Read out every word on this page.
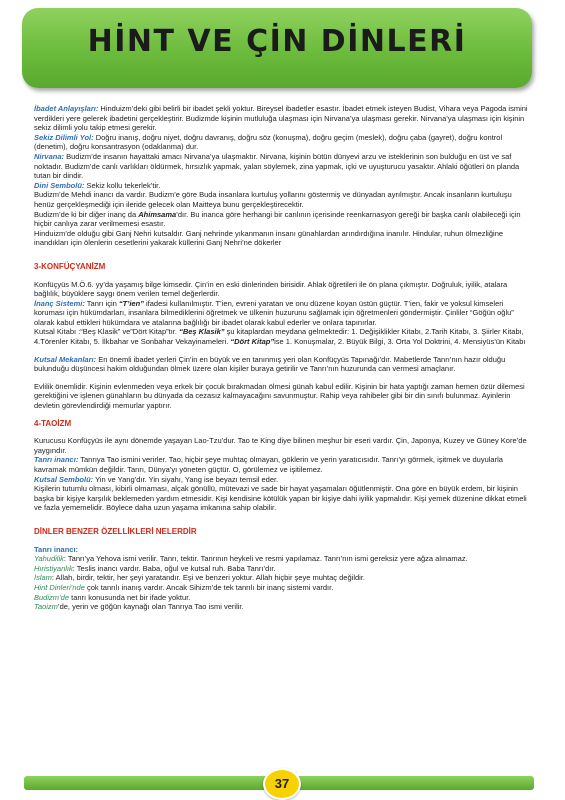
HİNT VE ÇİN DİNLERİ

İbadet Anlayışları: Hinduizm’deki gibi belirli bir ibadet şekli yoktur. Bireysel ibadetler esastır. İbadet etmek isteyen Budist, Vihara veya Pagoda ismini verdikleri yere gelerek ibadetini gerçekleştirir. Budizmde kişinin mutluluğa ulaşması için Nirvana’ya ulaşması gerekir. Nirvana’ya ulaşması için kişinin sekiz dilimli yolu takip etmesi gerekir.

Sekiz Dilimli Yol: Doğru inanış, doğru niyet, doğru davranış, doğru söz (konuşma), doğru geçim (meslek), doğru çaba (gayret), doğru kontrol (denetim), doğru konsantrasyon (odaklanma) dur.

Nirvana: Budizm’de insanın hayattaki amacı Nirvana’ya ulaşmaktır. Nirvana, kişinin bütün dünyevi arzu ve isteklerinin son bulduğu en üst ve saf noktadır. Budizm’de canlı varlıkları öldürmek, hırsızlık yapmak, yalan söylemek, zina yapmak, içki ve uyuşturucu yasaktır. Ahlaki öğütleri ön planda tutan bir dindir.

Dini Sembolü: Sekiz kollu tekerlek’tir.

Budizm’de Mehdi inancı da vardır. Budizm’e göre Buda insanlara kurtuluş yollarını göstermiş ve dünyadan ayrılmıştır. Ancak insanların kurtuluşu henüz gerçekleşmediği için ileride gelecek olan Maitteya bunu gerçekleştirecektir.

Budizm’de ki bir diğer inanç da Ahimsama’dır. Bu inanca göre herhangi bir canlının içerisinde reenkarnasyon gereği bir başka canlı olabileceği için hiçbir canlıya zarar verilmemesi esastır.

Hinduizm’de olduğu gibi Ganj Nehri kutsaldır. Ganj nehrinde yıkanmanın insanı günahlardan arındırdığına inanılır. Hindular, ruhun ölmezliğine inandıkları için ölenlerin cesetlerini yakarak küllerini Ganj Nehri’ne dökerler

3-KONFÜÇYANİZM

Konfüçyüs M.Ö.6. yy’da yaşamış bilge kimsedir. Çin’in en eski dinlerinden birisidir. Ahlak öğretileri ile ön plana çıkmıştır. Doğruluk, iyilik, atalara bağlılık, büyüklere saygı önem verilen temel değerlerdir.

İnanç Sistemi: Tanrı için “T’ien” ifadesi kullanılmıştır. T’ien, evreni yaratan ve onu düzene koyan üstün güçtür. T’ien, fakir ve yoksul kimseleri koruması için hükümdarları, insanlara bilmediklerini öğretmek ve ülkenin huzurunu sağlamak için öğretmenleri göndermiştir. Çinliler “Göğün oğlu” olarak kabul ettikleri hükümdara ve atalarına bağlılığı bir ibadet olarak kabul ederler ve onlara tapınırlar.

Kutsal Kitabı :“Beş Klasik” ve”Dört Kitap”tır. “Beş Klasik” şu kitaplardan meydana gelmektedir: 1. Değişiklikler Kitabı, 2.Tarih Kitabı, 3. Şiirler Kitabı, 4.Törenler Kitabı, 5. İlkbahar ve Sonbahar Vekayinameleri. “Dört Kitap”ise 1. Konuşmalar, 2. Büyük Bilgi, 3. Orta Yol Doktrini, 4. Mensiyüs’ün Kitabı

Kutsal Mekanları: En önemli ibadet yerleri Çin’in en büyük ve en tanınmış yeri olan Konfüçyüs Tapınağı’dır. Mabetlerde Tanrı’nın hazır olduğu bulunduğu düşüncesi hakim olduğundan ölmek üzere olan kişiler buraya getirilir ve Tanrı’nın huzurunda can vermesi amaçlanır.

Evlilik önemlidir. Kişinin evlenmeden veya erkek bir çocuk bırakmadan ölmesi günah kabul edilir. Kişinin bir hata yaptığı zaman hemen özür dilemesi gerektiğini ve işlenen günahların bu dünyada da cezasız kalmayacağını savunmuştur. Rahip veya rahibeler gibi bir din sınıfı bulunmaz. Ayinlerin devletin görevlendirdiği memurlar yaptırır.

4-TAOİZM

Kurucusu Konfüçyüs ile aynı dönemde yaşayan Lao-Tzu’dur. Tao te King diye bilinen meşhur bir eseri vardır. Çin, Japonya, Kuzey ve Güney Kore’de yaygındır.

Tanrı inancı: Tanrıya Tao ismini verirler. Tao, hiçbir şeye muhtaç olmayan, göklerin ve yerin yaratıcısıdır. Tanrı’yı görmek, işitmek ve duyularla kavramak mümkün değildir. Tanrı, Dünya’yı yöneten güçtür. O, görülemez ve işitilemez.

Kutsal Sembolü: Yin ve Yang’dır. Yin siyahı, Yang ise beyazı temsil eder.

Kişilerin tutumlu olması, kibirli olmaması, alçak gönüllü, mütevazi ve sade bir hayat yaşamaları öğütlenmiştir. Ona göre en büyük erdem, bir kişinin başka bir kişiye karşılık beklemeden yardım etmesidir. Kişi kendisine kötülük yapan bir kişiye dahi iyilik yapmalıdır. Kişi yemek düzenine dikkat etmeli ve fazla yememelidir. Böylece daha uzun yaşama imkanına sahip olabilir.

DİNLER BENZER ÖZELLİKLERİ NELERDİR

Tanrı inancı:

Yahudilik: Tanrı’ya Yehova ismi verilir. Tanrı, tektir. Tanrının heykeli ve resmi yapılamaz. Tanrı’nın ismi gereksiz yere ağza alınamaz.

Hıristiyanlık: Teslis inancı vardır. Baba, oğul ve kutsal ruh. Baba Tanrı’dır.

İslam: Allah, birdir, tektir, her şeyi yaratandır. Eşi ve benzeri yoktur. Allah hiçbir şeye muhtaç değildir.

Hint Dinleri’nde çok tanrılı inanış vardır. Ancak Sihizm’de tek tanrılı bir inanç sistemi vardır.

Budizm’de tanrı konusunda net bir ifade yoktur.

Taoizm’de, yerin ve göğün kaynağı olan Tanrıya Tao ismi verilir.

37
